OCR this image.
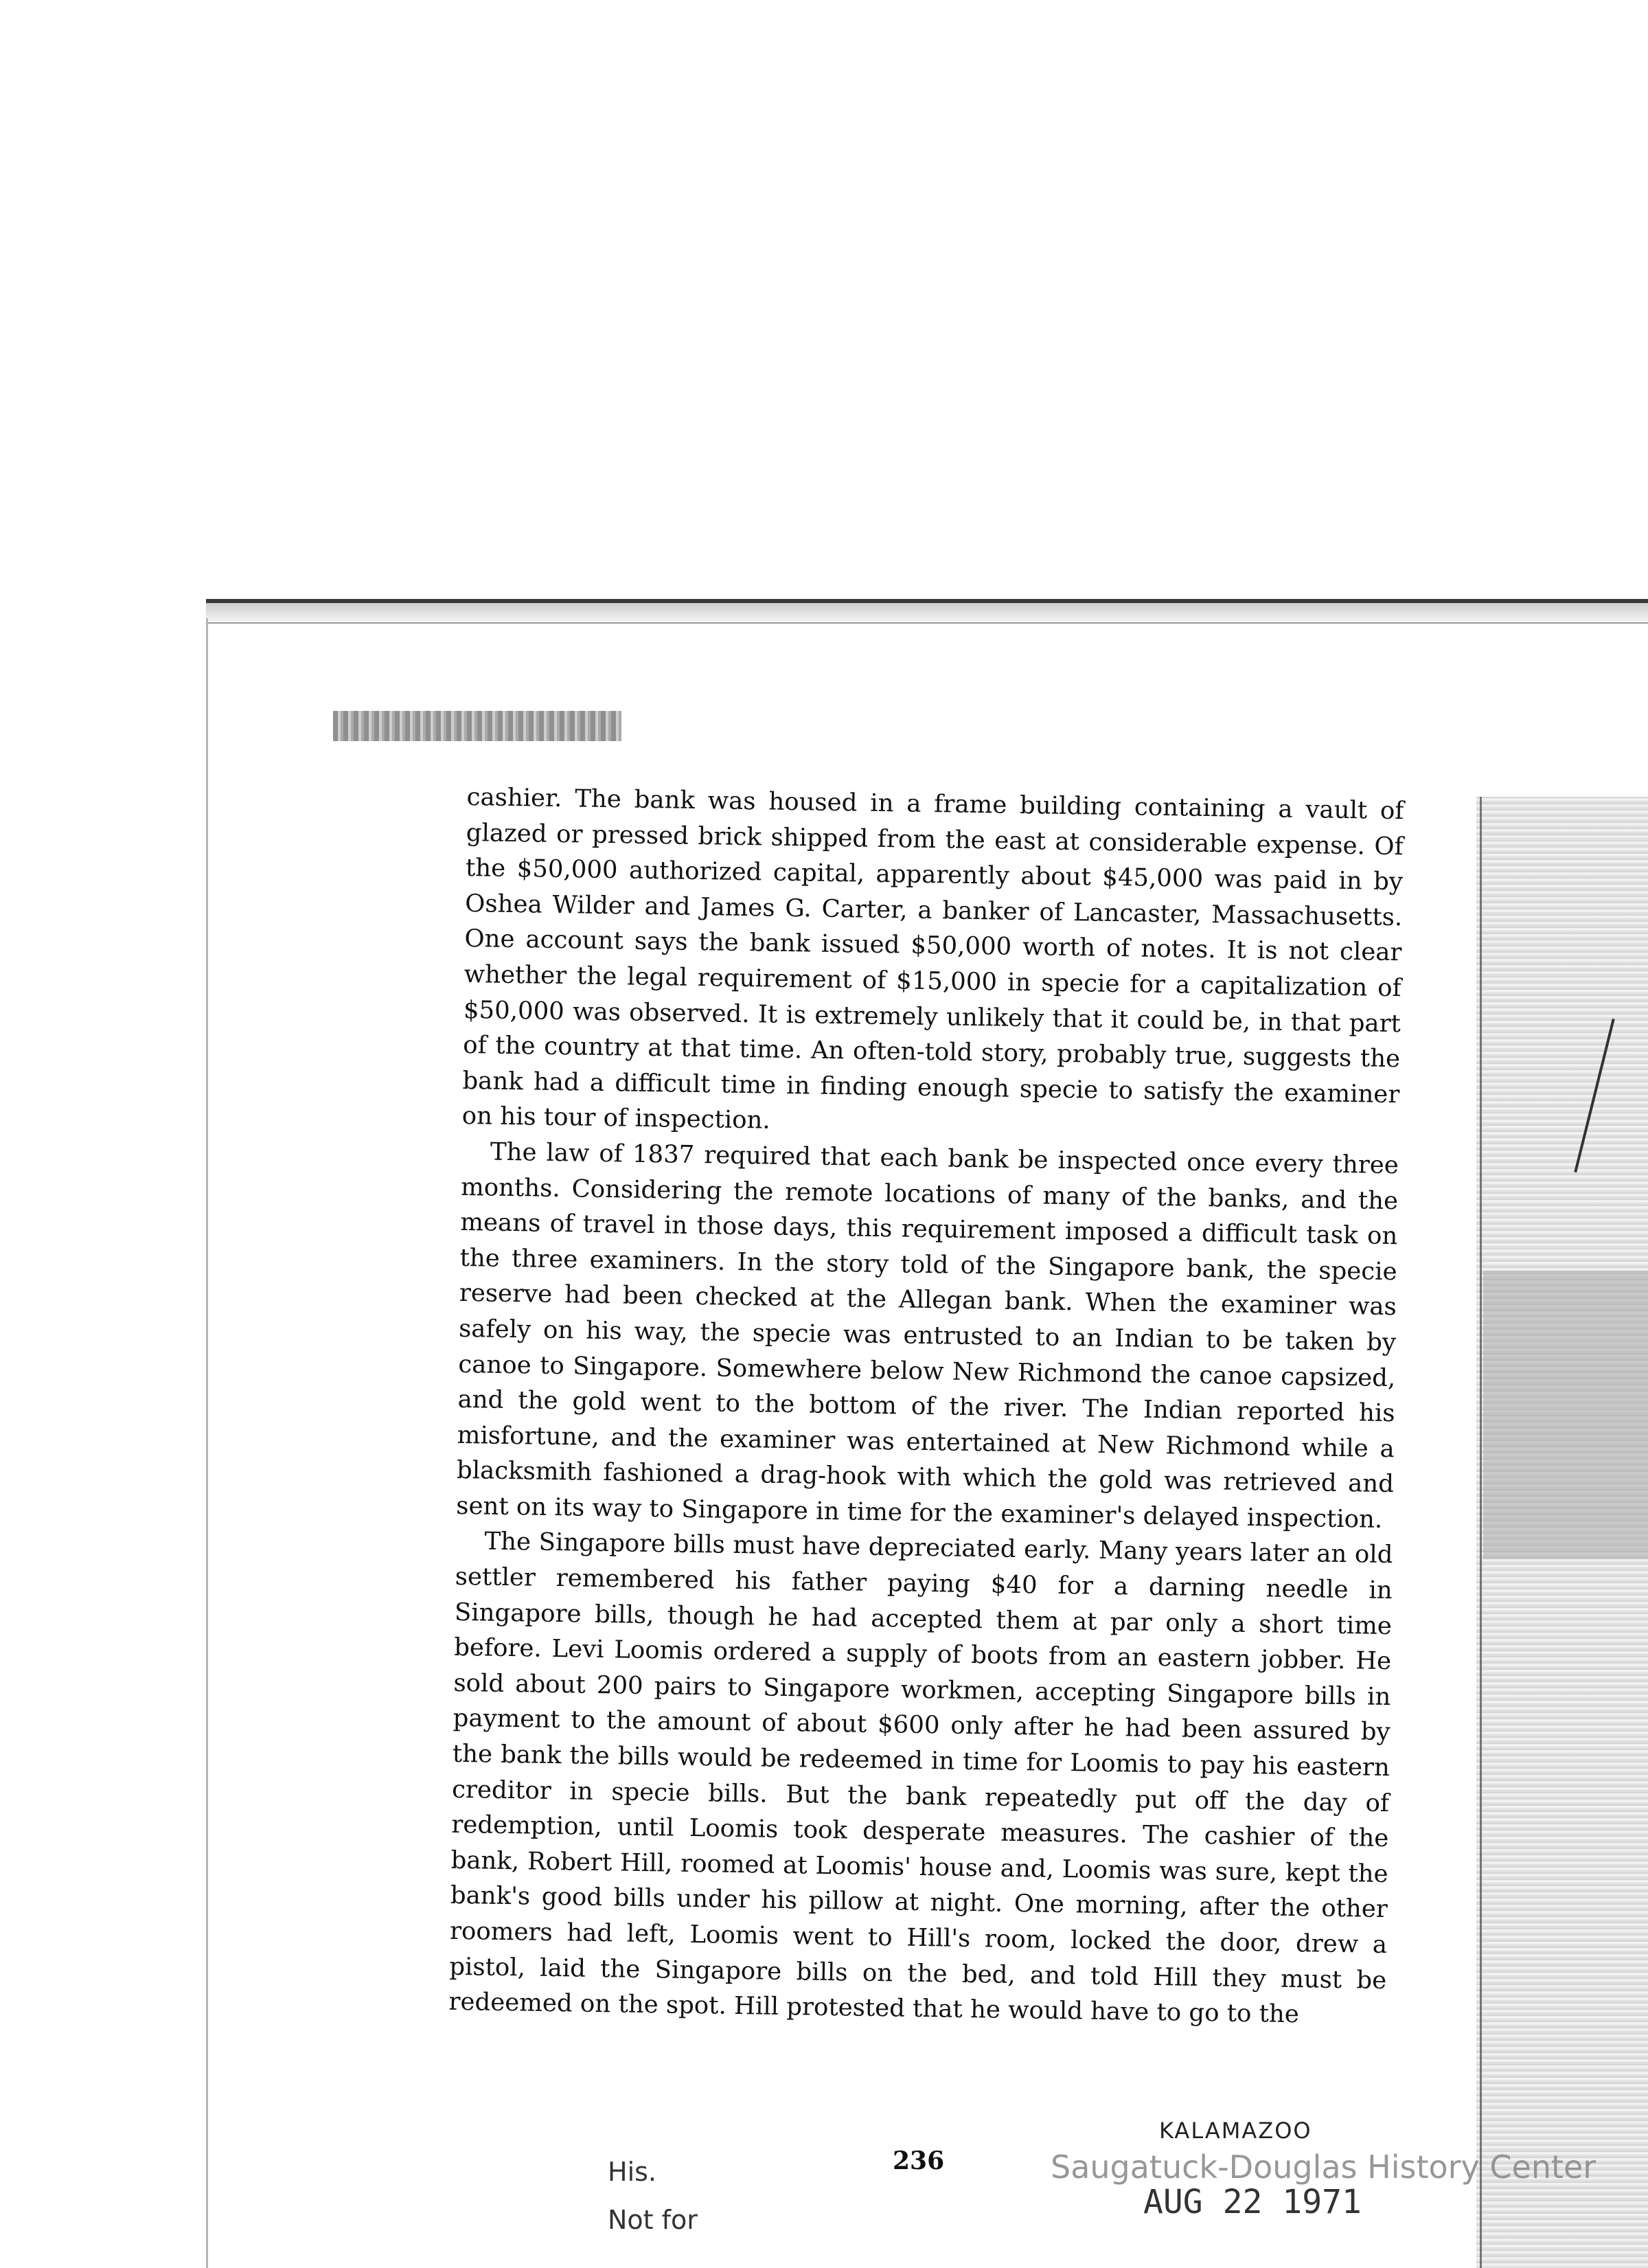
cashier. The bank was housed in a frame building containing a vault of glazed or pressed brick shipped from the east at considerable expense. Of the $50,000 authorized capital, apparently about $45,000 was paid in by Oshea Wilder and James G. Carter, a banker of Lancaster, Massachusetts. One account says the bank issued $50,000 worth of notes. It is not clear whether the legal requirement of $15,000 in specie for a capitalization of $50,000 was observed. It is extremely unlikely that it could be, in that part of the country at that time. An often-told story, probably true, suggests the bank had a difficult time in finding enough specie to satisfy the examiner on his tour of inspection.

The law of 1837 required that each bank be inspected once every three months. Considering the remote locations of many of the banks, and the means of travel in those days, this requirement imposed a difficult task on the three examiners. In the story told of the Singapore bank, the specie reserve had been checked at the Allegan bank. When the examiner was safely on his way, the specie was entrusted to an Indian to be taken by canoe to Singapore. Somewhere below New Richmond the canoe capsized, and the gold went to the bottom of the river. The Indian reported his misfortune, and the examiner was entertained at New Richmond while a blacksmith fashioned a drag-hook with which the gold was retrieved and sent on its way to Singapore in time for the examiner's delayed inspection.

The Singapore bills must have depreciated early. Many years later an old settler remembered his father paying $40 for a darning needle in Singapore bills, though he had accepted them at par only a short time before. Levi Loomis ordered a supply of boots from an eastern jobber. He sold about 200 pairs to Singapore workmen, accepting Singapore bills in payment to the amount of about $600 only after he had been assured by the bank the bills would be redeemed in time for Loomis to pay his eastern creditor in specie bills. But the bank repeatedly put off the day of redemption, until Loomis took desperate measures. The cashier of the bank, Robert Hill, roomed at Loomis' house and, Loomis was sure, kept the bank's good bills under his pillow at night. One morning, after the other roomers had left, Loomis went to Hill's room, locked the door, drew a pistol, laid the Singapore bills on the bed, and told Hill they must be redeemed on the spot. Hill protested that he would have to go to the

236
KALAMAZOO
Saugatuck-Douglas History Center
AUG 22 1971
His.
Not for
